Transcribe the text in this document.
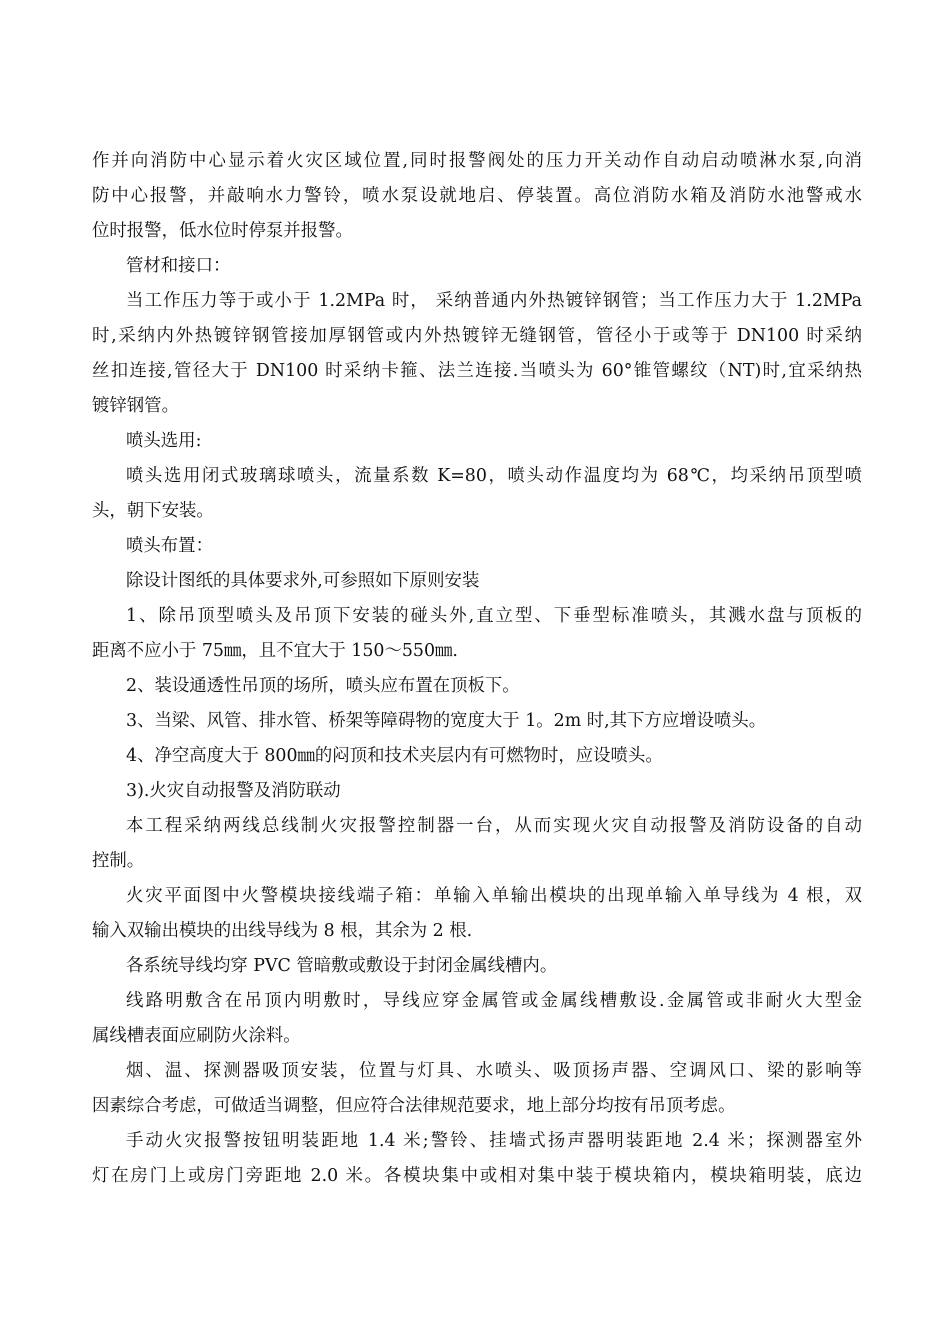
作并向消防中心显示着火灾区域位置,同时报警阀处的压力开关动作自动启动喷淋水泵,向消
防中心报警，并敲响水力警铃，喷水泵设就地启、停装置。高位消防水箱及消防水池警戒水
位时报警，低水位时停泵并报警。
管材和接口：
当工作压力等于或小于 1.2MPa 时， 采纳普通内外热镀锌钢管；当工作压力大于 1.2MPa
时,采纳内外热镀锌钢管接加厚钢管或内外热镀锌无缝钢管，管径小于或等于 DN100 时采纳
丝扣连接,管径大于 DN100 时采纳卡箍、法兰连接.当喷头为 60°锥管螺纹（NT)时,宜采纳热
镀锌钢管。
喷头选用:
喷头选用闭式玻璃球喷头，流量系数 K=80，喷头动作温度均为 68℃，均采纳吊顶型喷
头，朝下安装。
喷头布置：
除设计图纸的具体要求外,可参照如下原则安装
1、除吊顶型喷头及吊顶下安装的碰头外,直立型、下垂型标准喷头，其溅水盘与顶板的
距离不应小于 75㎜，且不宜大于 150～550㎜.
2、装设通透性吊顶的场所，喷头应布置在顶板下。
3、当梁、风管、排水管、桥架等障碍物的宽度大于 1。2m 时,其下方应增设喷头。
4、净空高度大于 800㎜的闷顶和技术夹层内有可燃物时，应设喷头。
3).火灾自动报警及消防联动
本工程采纳两线总线制火灾报警控制器一台，从而实现火灾自动报警及消防设备的自动
控制。
火灾平面图中火警模块接线端子箱：单输入单输出模块的出现单输入单导线为 4 根，双
输入双输出模块的出线导线为 8 根，其余为 2 根.
各系统导线均穿 PVC 管暗敷或敷设于封闭金属线槽内。
线路明敷含在吊顶内明敷时，导线应穿金属管或金属线槽敷设.金属管或非耐火大型金
属线槽表面应刷防火涂料。
烟、温、探测器吸顶安装，位置与灯具、水喷头、吸顶扬声器、空调风口、梁的影响等
因素综合考虑，可做适当调整，但应符合法律规范要求，地上部分均按有吊顶考虑。
手动火灾报警按钮明装距地 1.4 米;警铃、挂墙式扬声器明装距地 2.4 米；探测器室外
灯在房门上或房门旁距地 2.0 米。各模块集中或相对集中装于模块箱内，模块箱明装，底边
